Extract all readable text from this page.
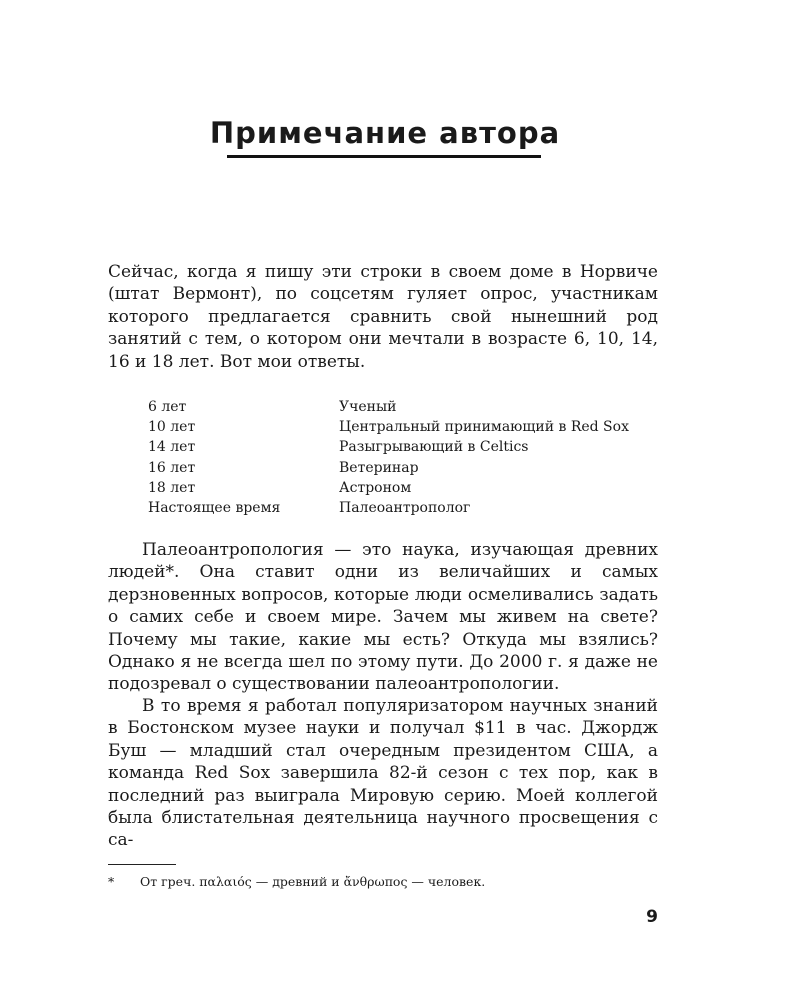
Примечание автора

Сейчас, когда я пишу эти строки в своем доме в Норвиче (штат Вермонт), по соцсетям гуляет опрос, участникам которого предлагается сравнить свой нынешний род занятий с тем, о котором они мечтали в возрасте 6, 10, 14, 16 и 18 лет. Вот мои ответы.

6 лет	Ученый
10 лет	Центральный принимающий в Red Sox
14 лет	Разыгрывающий в Celtics
16 лет	Ветеринар
18 лет	Астроном
Настоящее время	Палеоантрополог

Палеоантропология — это наука, изучающая древних людей*. Она ставит одни из величайших и самых дерзновенных вопросов, которые люди осмеливались задать о самих себе и своем мире. Зачем мы живем на свете? Почему мы такие, какие мы есть? Откуда мы взялись? Однако я не всегда шел по этому пути. До 2000 г. я даже не подозревал о существовании палеоантропологии.

В то время я работал популяризатором научных знаний в Бостонском музее науки и получал $11 в час. Джордж Буш — младший стал очередным президентом США, а команда Red Sox завершила 82-й сезон с тех пор, как в последний раз выиграла Мировую серию. Моей коллегой была блистательная деятельница научного просвещения с са-

* От греч. παλαιός — древний и ἄνθρωπος — человек.
9
